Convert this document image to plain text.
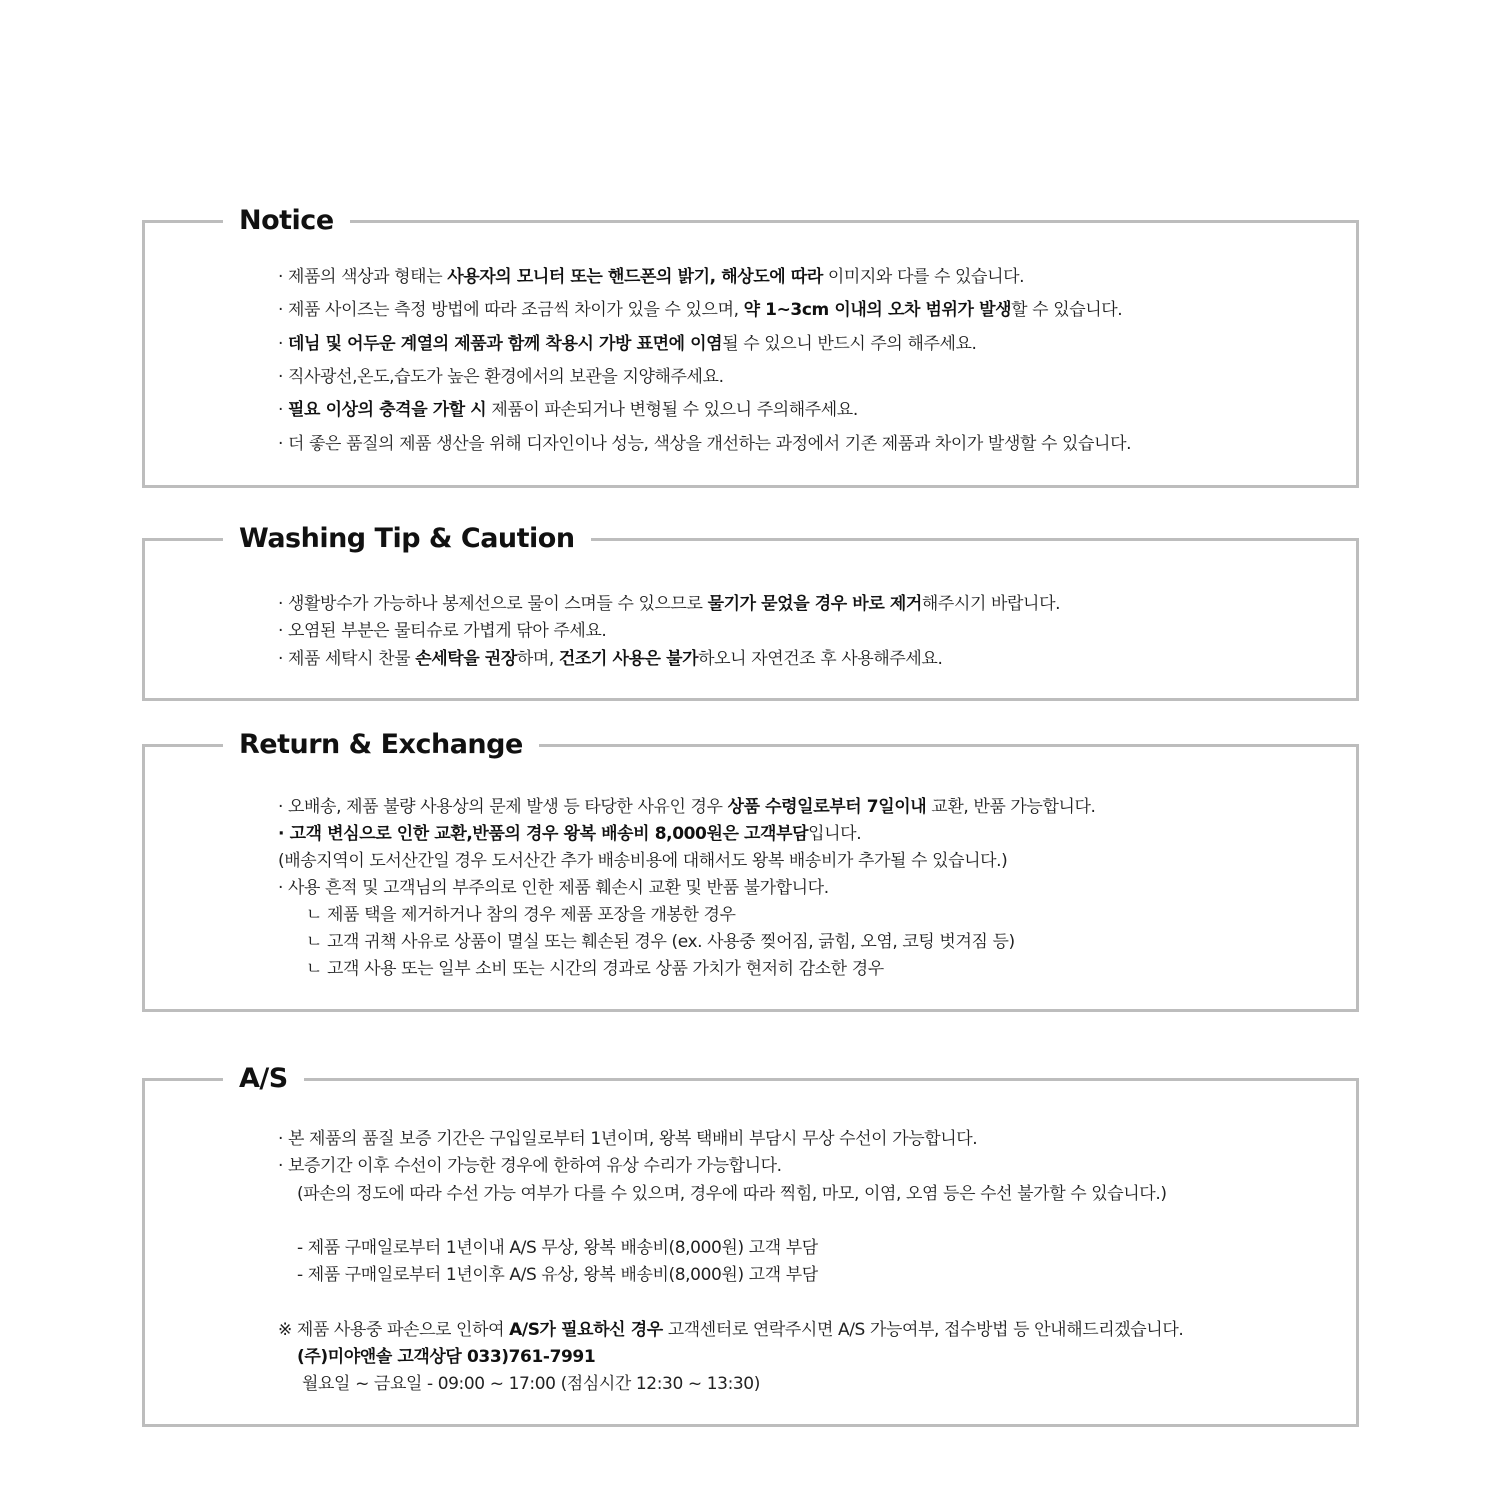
Notice
· 제품의 색상과 형태는 사용자의 모니터 또는 핸드폰의 밝기, 해상도에 따라 이미지와 다를 수 있습니다.
· 제품 사이즈는 측정 방법에 따라 조금씩 차이가 있을 수 있으며, 약 1~3cm 이내의 오차 범위가 발생할 수 있습니다.
· 데님 및 어두운 계열의 제품과 함께 착용시 가방 표면에 이염될 수 있으니 반드시 주의 해주세요.
· 직사광선,온도,습도가 높은 환경에서의 보관을 지양해주세요.
· 필요 이상의 충격을 가할 시 제품이 파손되거나 변형될 수 있으니 주의해주세요.
· 더 좋은 품질의 제품 생산을 위해 디자인이나 성능, 색상을 개선하는 과정에서 기존 제품과 차이가 발생할 수 있습니다.
Washing Tip & Caution
· 생활방수가 가능하나 봉제선으로 물이 스며들 수 있으므로 물기가 묻었을 경우 바로 제거해주시기 바랍니다.
· 오염된 부분은 물티슈로 가볍게 닦아 주세요.
· 제품 세탁시 찬물 손세탁을 권장하며, 건조기 사용은 불가하오니 자연건조 후 사용해주세요.
Return & Exchange
· 오배송, 제품 불량 사용상의 문제 발생 등 타당한 사유인 경우 상품 수령일로부터 7일이내 교환, 반품 가능합니다.
· 고객 변심으로 인한 교환,반품의 경우 왕복 배송비 8,000원은 고객부담입니다.
(배송지역이 도서산간일 경우 도서산간 추가 배송비용에 대해서도 왕복 배송비가 추가될 수 있습니다.)
· 사용 흔적 및 고객님의 부주의로 인한 제품 훼손시 교환 및 반품 불가합니다.
ㄴ 제품 택을 제거하거나 참의 경우 제품 포장을 개봉한 경우
ㄴ 고객 귀책 사유로 상품이 멸실 또는 훼손된 경우 (ex. 사용중 찢어짐, 긁힘, 오염, 코팅 벗겨짐 등)
ㄴ 고객 사용 또는 일부 소비 또는 시간의 경과로 상품 가치가 현저히 감소한 경우
A/S
· 본 제품의 품질 보증 기간은 구입일로부터 1년이며, 왕복 택배비 부담시 무상 수선이 가능합니다.
· 보증기간 이후 수선이 가능한 경우에 한하여 유상 수리가 가능합니다.
(파손의 정도에 따라 수선 가능 여부가 다를 수 있으며, 경우에 따라 찍힘, 마모, 이염, 오염 등은 수선 불가할 수 있습니다.)
- 제품 구매일로부터 1년이내 A/S 무상, 왕복 배송비(8,000원) 고객 부담
- 제품 구매일로부터 1년이후 A/S 유상, 왕복 배송비(8,000원) 고객 부담
※ 제품 사용중 파손으로 인하여 A/S가 필요하신 경우 고객센터로 연락주시면 A/S 가능여부, 접수방법 등 안내해드리겠습니다.
(주)미야앤솔 고객상담 033)761-7991
월요일 ~ 금요일 - 09:00 ~ 17:00 (점심시간 12:30 ~ 13:30)
